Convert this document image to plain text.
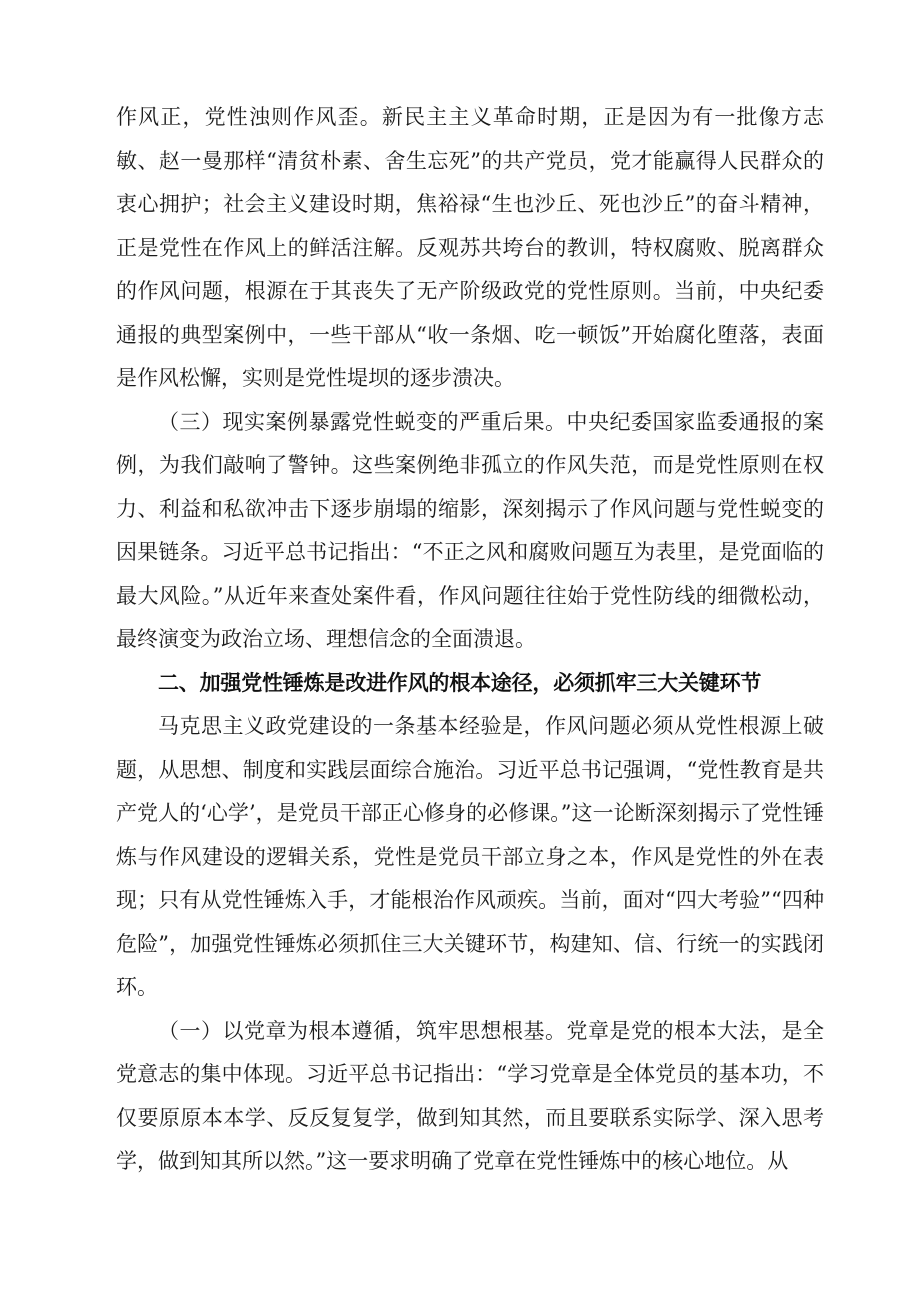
作风正，党性浊则作风歪。新民主主义革命时期，正是因为有一批像方志敏、赵一曼那样“清贫朴素、舍生忘死”的共产党员，党才能赢得人民群众的衷心拥护；社会主义建设时期，焦裕禄“生也沙丘、死也沙丘”的奋斗精神，正是党性在作风上的鲜活注解。反观苏共垮台的教训，特权腐败、脱离群众的作风问题，根源在于其丧失了无产阶级政党的党性原则。当前，中央纪委通报的典型案例中，一些干部从“收一条烟、吃一顿饭”开始腐化堕落，表面是作风松懈，实则是党性堤坝的逐步溃决。

（三）现实案例暴露党性蜕变的严重后果。中央纪委国家监委通报的案例，为我们敲响了警钟。这些案例绝非孤立的作风失范，而是党性原则在权力、利益和私欲冲击下逐步崩塌的缩影，深刻揭示了作风问题与党性蜕变的因果链条。习近平总书记指出：“不正之风和腐败问题互为表里，是党面临的最大风险。”从近年来查处案件看，作风问题往往始于党性防线的细微松动，最终演变为政治立场、理想信念的全面溃退。

二、加强党性锤炼是改进作风的根本途径，必须抓牢三大关键环节

马克思主义政党建设的一条基本经验是，作风问题必须从党性根源上破题，从思想、制度和实践层面综合施治。习近平总书记强调，“党性教育是共产党人的‘心学’，是党员干部正心修身的必修课。”这一论断深刻揭示了党性锤炼与作风建设的逻辑关系，党性是党员干部立身之本，作风是党性的外在表现；只有从党性锤炼入手，才能根治作风顽疾。当前，面对“四大考验”“四种危险”，加强党性锤炼必须抓住三大关键环节，构建知、信、行统一的实践闭环。

（一）以党章为根本遵循，筑牢思想根基。党章是党的根本大法，是全党意志的集中体现。习近平总书记指出：“学习党章是全体党员的基本功，不仅要原原本本学、反反复复学，做到知其然，而且要联系实际学、深入思考学，做到知其所以然。”这一要求明确了党章在党性锤炼中的核心地位。从
